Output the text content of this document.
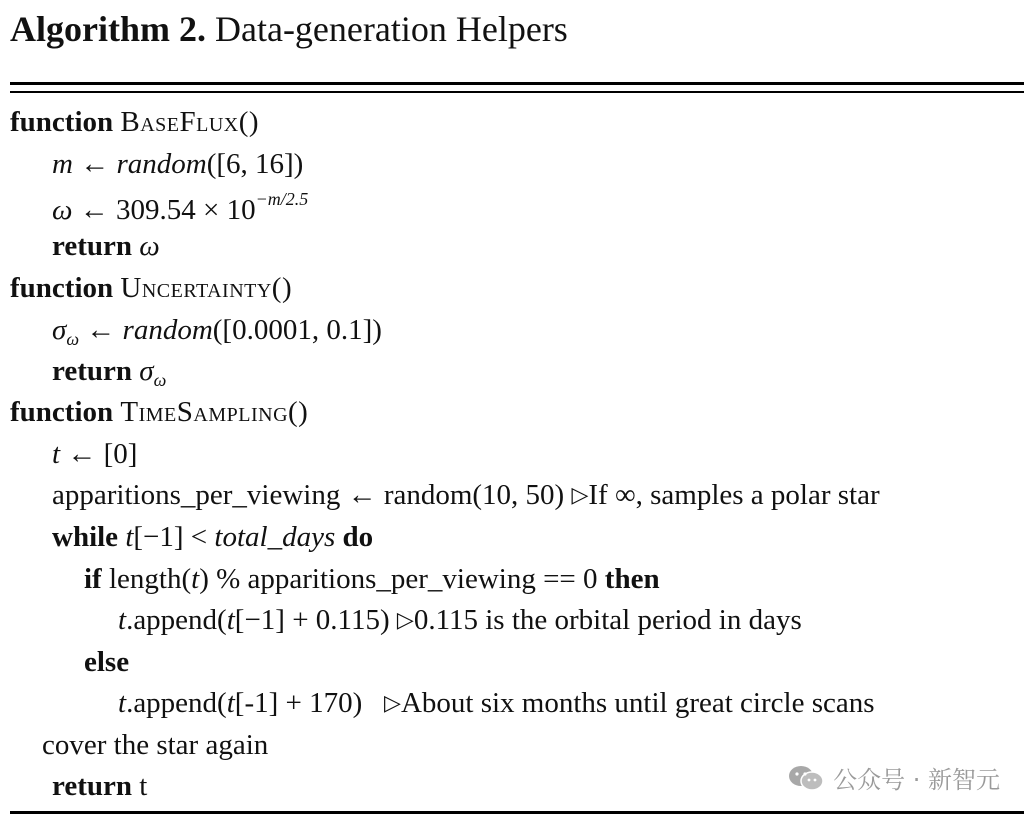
Algorithm 2. Data-generation Helpers
function BaseFlux()
m ← random([6, 16])
ω ← $309.54 \times 10^{-m/2.5}$
return ω
function Uncertainty()
$\sigma_\omega$ ← random([0.0001, 0.1])
return $\sigma_\omega$
function TimeSampling()
t ← [0]
apparitions_per_viewing ← random(10, 50) ▷If ∞, samples a polar star
while t[−1] < total_days do
if length(t) % apparitions_per_viewing == 0 then
t.append(t[−1] + 0.115) ▷0.115 is the orbital period in days
else
t.append(t[-1] + 170) ▷About six months until great circle scans
cover the star again
return t	公众号 · 新智元
